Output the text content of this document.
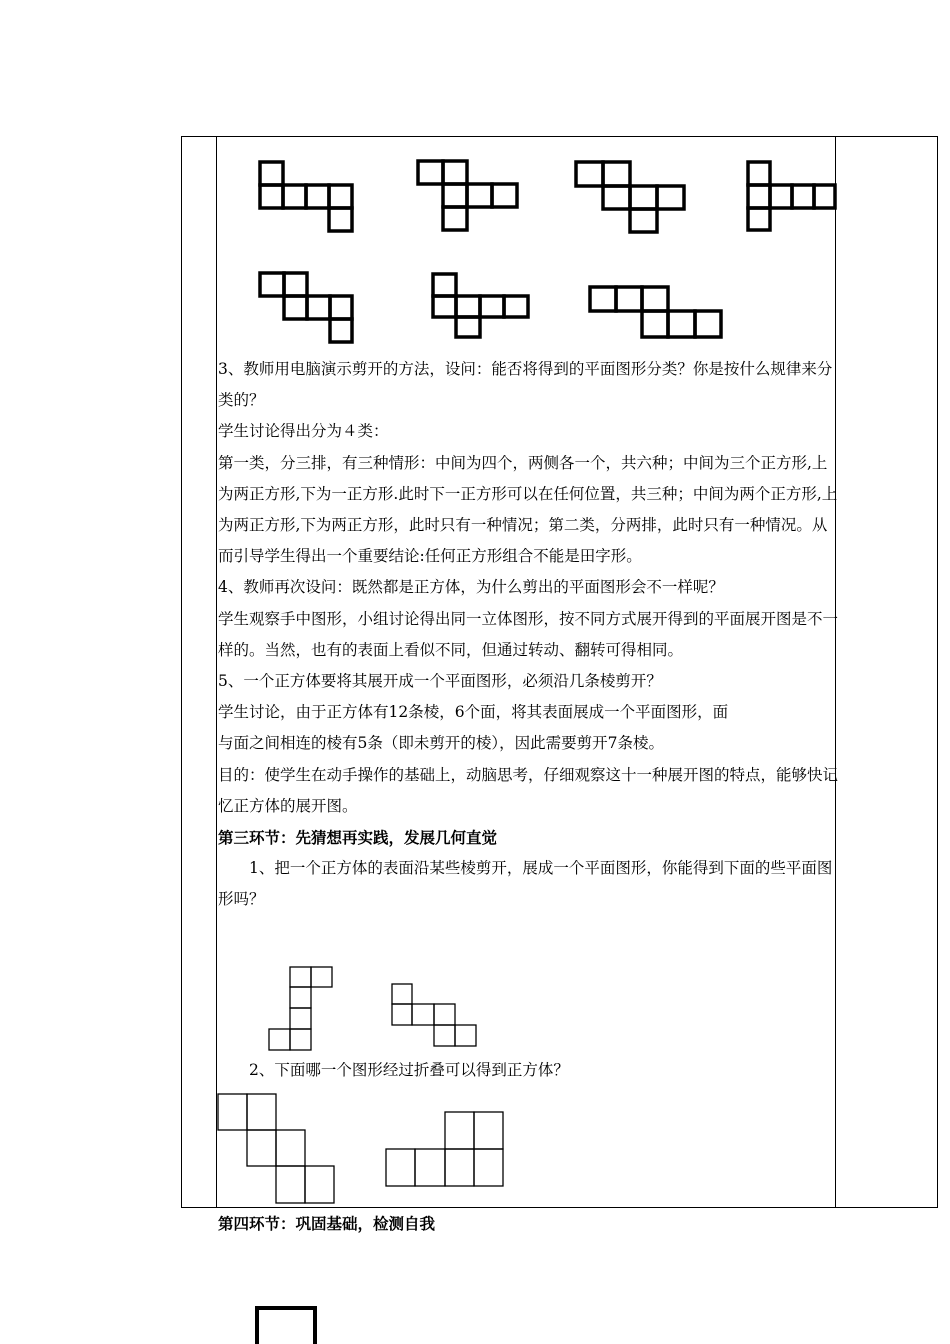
3、教师用电脑演示剪开的方法，设问：能否将得到的平面图形分类？你是按什么规律来分类的？

学生讨论得出分为４类：

第一类，分三排，有三种情形：中间为四个，两侧各一个，共六种；中间为三个正方形,上为两正方形,下为一正方形.此时下一正方形可以在任何位置，共三种；中间为两个正方形,上为两正方形,下为两正方形，此时只有一种情况；第二类，分两排，此时只有一种情况。从而引导学生得出一个重要结论:任何正方形组合不能是田字形。

4、教师再次设问：既然都是正方体，为什么剪出的平面图形会不一样呢？

学生观察手中图形，小组讨论得出同一立体图形，按不同方式展开得到的平面展开图是不一样的。当然，也有的表面上看似不同，但通过转动、翻转可得相同。

5、一个正方体要将其展开成一个平面图形，必须沿几条棱剪开？

学生讨论，由于正方体有12条棱，6个面，将其表面展成一个平面图形，面

与面之间相连的棱有5条（即未剪开的棱），因此需要剪开7条棱。

目的：使学生在动手操作的基础上，动脑思考，仔细观察这十一种展开图的特点，能够快记忆正方体的展开图。

第三环节：先猜想再实践，发展几何直觉

1、把一个正方体的表面沿某些棱剪开，展成一个平面图形，你能得到下面的些平面图形吗？

2、下面哪一个图形经过折叠可以得到正方体？
第四环节：巩固基础，检测自我
